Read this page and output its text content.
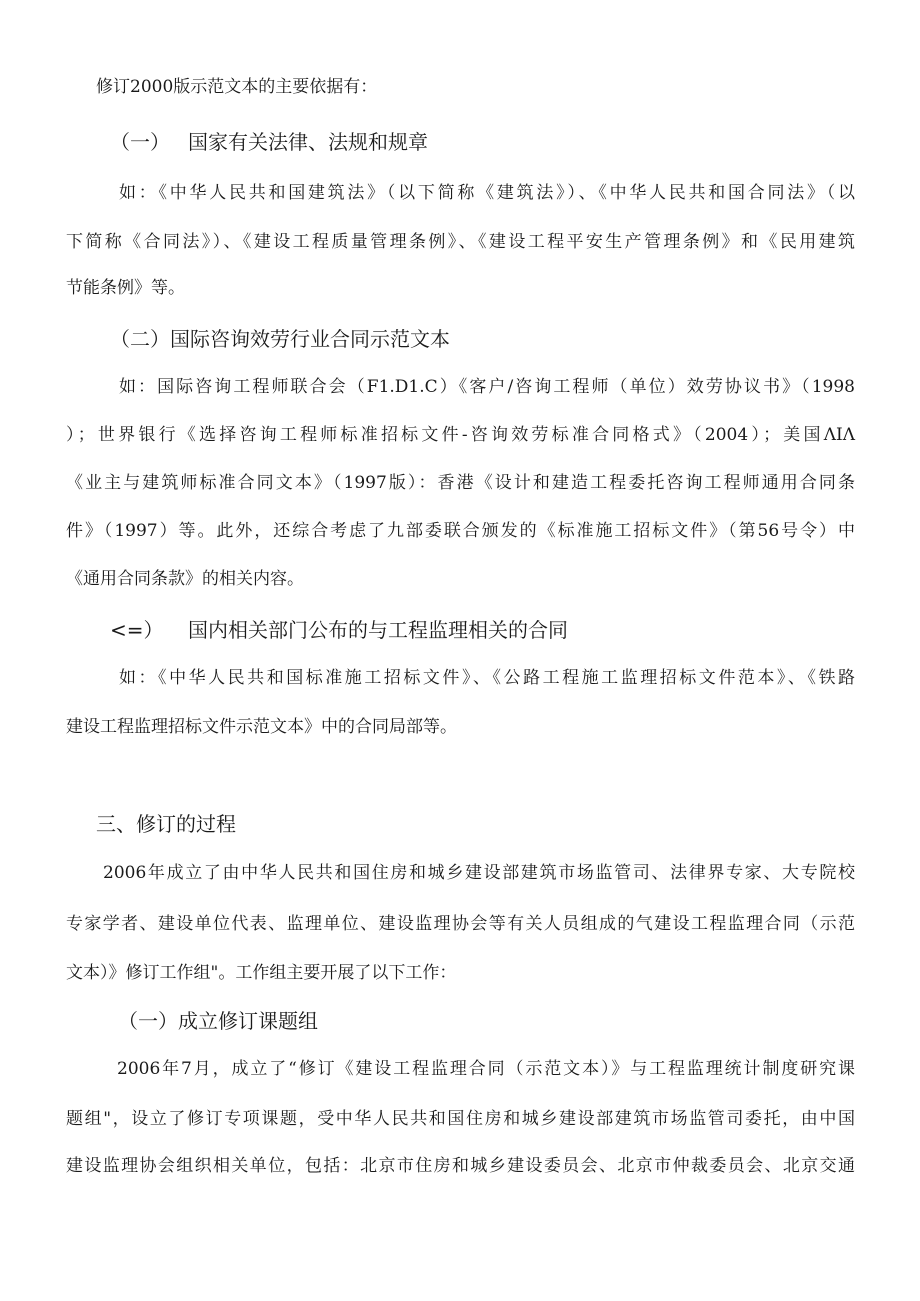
修订2000版示范文本的主要依据有：

（一） 国家有关法律、法规和规章

如：《中华人民共和国建筑法》（以下简称《建筑法》）、《中华人民共和国合同法》（以

下简称《合同法》）、《建设工程质量管理条例》、《建设工程平安生产管理条例》和《民用建筑

节能条例》等。

（二）国际咨询效劳行业合同示范文本

如：国际咨询工程师联合会（F1.D1.C）《客户/咨询工程师（单位）效劳协议书》（1998

）；世界银行《选择咨询工程师标准招标文件-咨询效劳标准合同格式》（2004）；美国ΛIΛ

《业主与建筑师标准合同文本》（1997版）：香港《设计和建造工程委托咨询工程师通用合同条

件》（1997）等。此外，还综合考虑了九部委联合颁发的《标准施工招标文件》（第56号令）中

《通用合同条款》的相关内容。

<=） 国内相关部门公布的与工程监理相关的合同

如：《中华人民共和国标准施工招标文件》、《公路工程施工监理招标文件范本》、《铁路

建设工程监理招标文件示范文本》中的合同局部等。

三、修订的过程

2006年成立了由中华人民共和国住房和城乡建设部建筑市场监管司、法律界专家、大专院校

专家学者、建设单位代表、监理单位、建设监理协会等有关人员组成的气建设工程监理合同（示范

文本）》修订工作组"。工作组主要开展了以下工作：

（一）成立修订课题组

2006年7月，成立了“修订《建设工程监理合同（示范文本）》与工程监理统计制度研究课

题组"，设立了修订专项课题，受中华人民共和国住房和城乡建设部建筑市场监管司委托，由中国

建设监理协会组织相关单位，包括：北京市住房和城乡建设委员会、北京市仲裁委员会、北京交通
